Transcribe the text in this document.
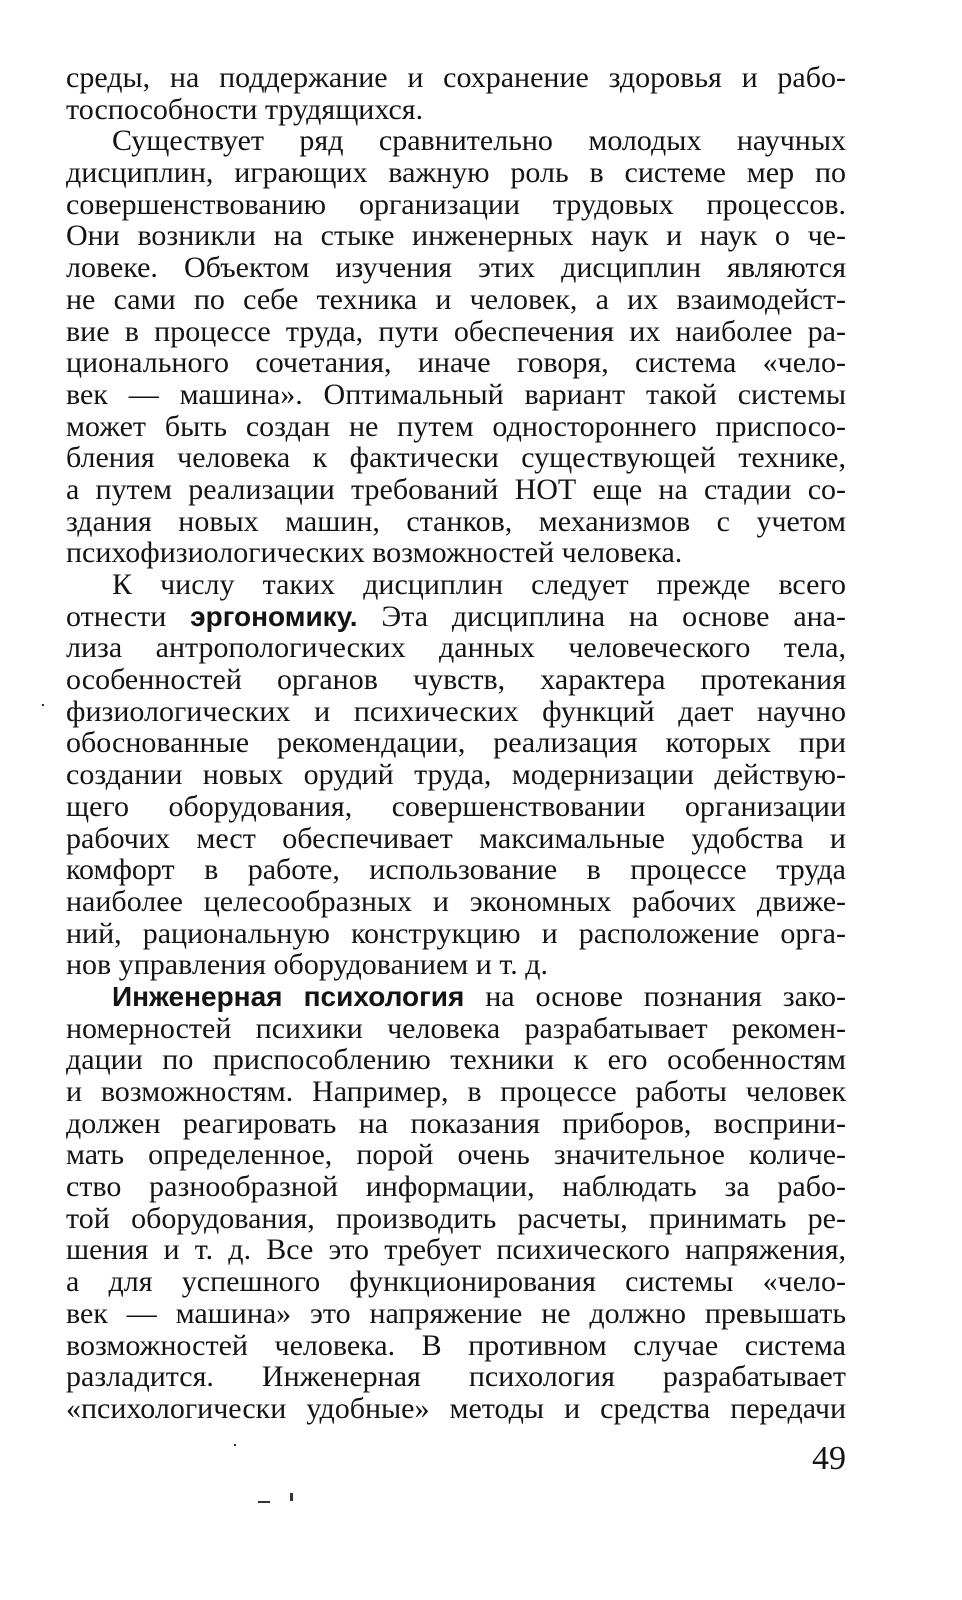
среды, на поддержание и сохранение здоровья и рабо-
тоспособности трудящихся.
Существует ряд сравнительно молодых научных
дисциплин, играющих важную роль в системе мер по
совершенствованию организации трудовых процессов.
Они возникли на стыке инженерных наук и наук о че-
ловеке. Объектом изучения этих дисциплин являются
не сами по себе техника и человек, а их взаимодейст-
вие в процессе труда, пути обеспечения их наиболее ра-
ционального сочетания, иначе говоря, система «чело-
век — машина». Оптимальный вариант такой системы
может быть создан не путем одностороннего приспосо-
бления человека к фактически существующей технике,
а путем реализации требований НОТ еще на стадии со-
здания новых машин, станков, механизмов с учетом
психофизиологических возможностей человека.
К числу таких дисциплин следует прежде всего
отнести эргономику. Эта дисциплина на основе ана-
лиза антропологических данных человеческого тела,
особенностей органов чувств, характера протекания
физиологических и психических функций дает научно
обоснованные рекомендации, реализация которых при
создании новых орудий труда, модернизации действую-
щего оборудования, совершенствовании организации
рабочих мест обеспечивает максимальные удобства и
комфорт в работе, использование в процессе труда
наиболее целесообразных и экономных рабочих движе-
ний, рациональную конструкцию и расположение орга-
нов управления оборудованием и т. д.
Инженерная психология на основе познания зако-
номерностей психики человека разрабатывает рекомен-
дации по приспособлению техники к его особенностям
и возможностям. Например, в процессе работы человек
должен реагировать на показания приборов, восприни-
мать определенное, порой очень значительное количе-
ство разнообразной информации, наблюдать за рабо-
той оборудования, производить расчеты, принимать ре-
шения и т. д. Все это требует психического напряжения,
а для успешного функционирования системы «чело-
век — машина» это напряжение не должно превышать
возможностей человека. В противном случае система
разладится. Инженерная психология разрабатывает
«психологически удобные» методы и средства передачи
49
